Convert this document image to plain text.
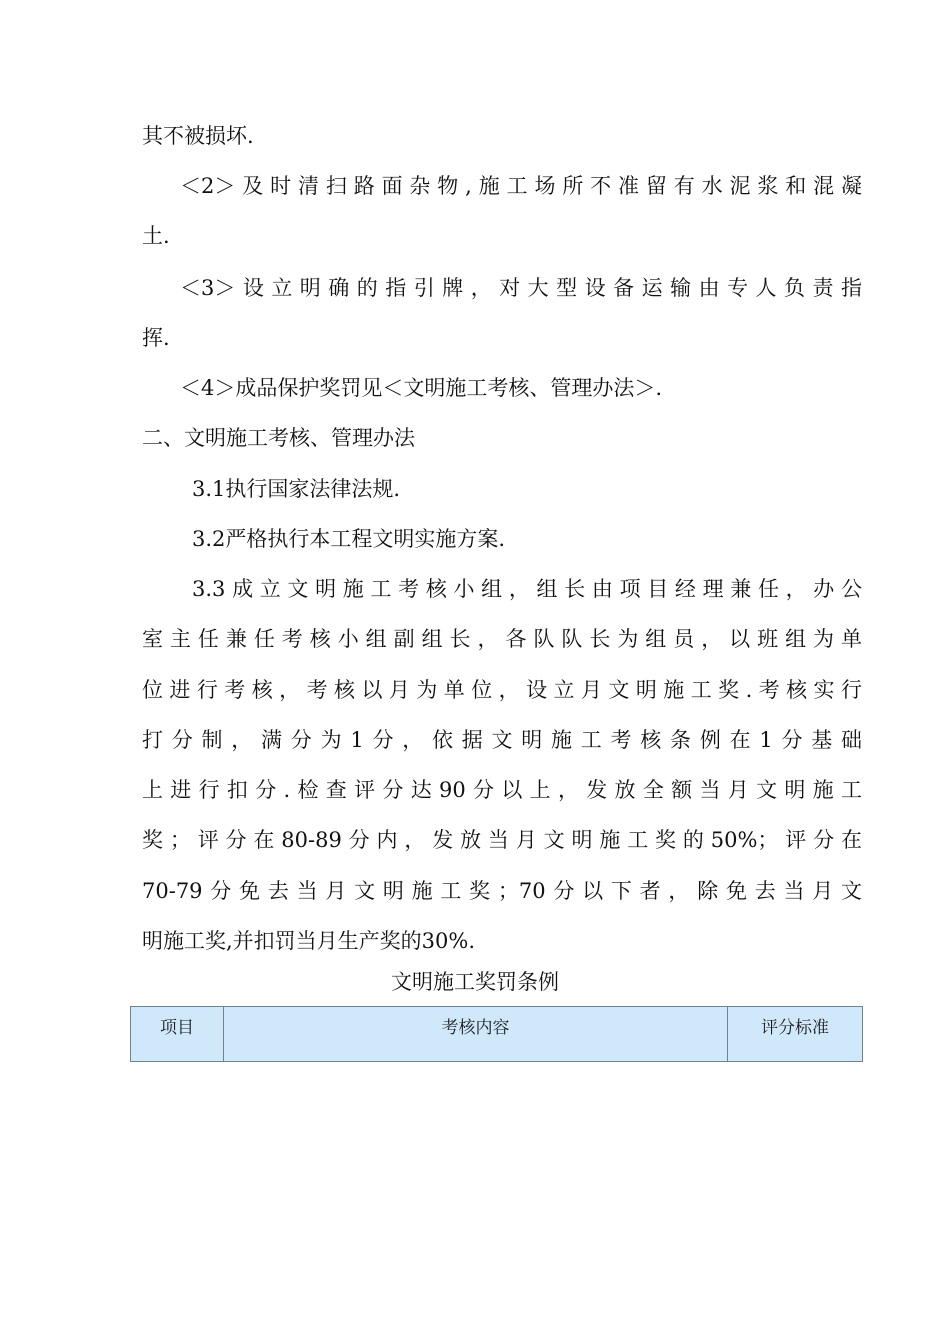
其不被损坏.
＜2＞及时清扫路面杂物,施工场所不准留有水泥浆和混凝
土.
＜3＞设立明确的指引牌，对大型设备运输由专人负责指
挥.
＜4＞成品保护奖罚见＜文明施工考核、管理办法＞.
二、文明施工考核、管理办法
3.1执行国家法律法规.
3.2严格执行本工程文明实施方案.
3.3成立文明施工考核小组，组长由项目经理兼任，办公
室主任兼任考核小组副组长，各队队长为组员，以班组为单
位进行考核，考核以月为单位，设立月文明施工奖.考核实行
打分制，满分为1分，依据文明施工考核条例在1分基础
上进行扣分.检查评分达90分以上，发放全额当月文明施工
奖；评分在80-89分内，发放当月文明施工奖的50%；评分在
70-79分免去当月文明施工奖；70分以下者，除免去当月文
明施工奖,并扣罚当月生产奖的30%.
文明施工奖罚条例
项目	考核内容	评分标准
